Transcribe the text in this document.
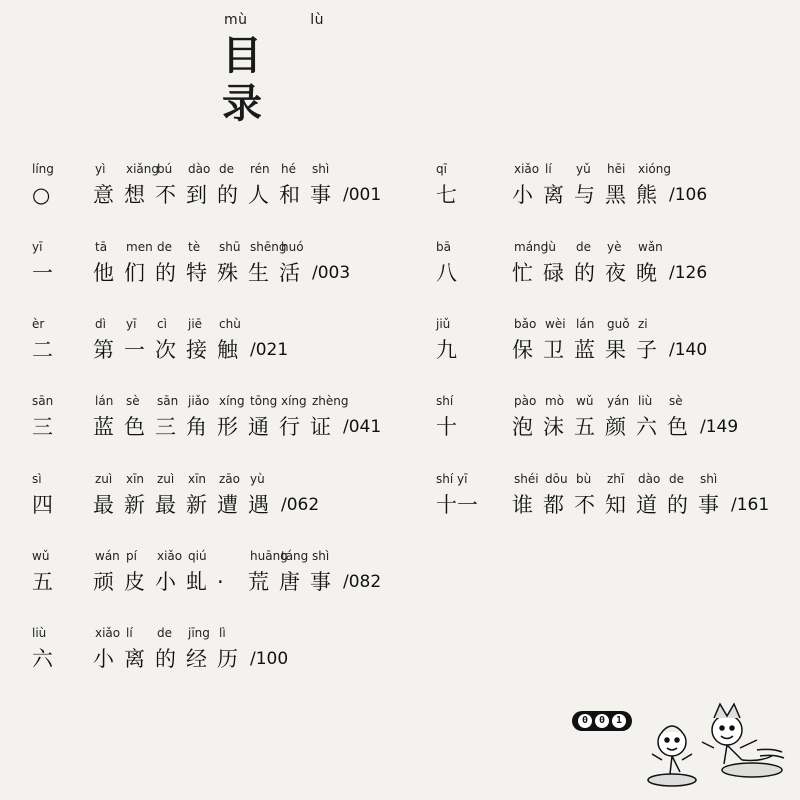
mù	lù
目 录
líng	yì xiǎng
bú dào de rén hé shì
○ 意 想 不 到 的 人 和 事 /001
yī	tā men de tè shū shēng
huó
一 他 们 的 特 殊 生 活 /003
èr	dì yī cì jiē chù
二 第 一 次 接 触 /021
sān	lán sè sān jiǎo xíng tōng xíng zhèng
三 蓝 色 三 角 形 通 行 证 /041
sì	zuì xīn zuì xīn zāo yù
四 最 新 最 新 遭 遇 /062
wǔ	wán pí xiǎo qiú	huāng
táng shì
五 顽 皮 小 虬 · 荒 唐 事 /082
liù	xiǎo lí de jīng lì
六 小 离 的 经 历 /100
qī	xiǎo lí yǔ hēi xióng
七	小 离 与 黑 熊 /106
bā	máng
lù de yè wǎn
八	忙 碌 的 夜 晚 /126
jiǔ	bǎo wèi lán guǒ zi
九	保 卫 蓝 果 子 /140
shí	pào mò wǔ yán liù sè
十	泡 沫 五 颜 六 色 /149
shí yī	shéi dōu bù zhī dào de shì
十一 谁 都 不 知 道 的 事 /161
0	0	1
